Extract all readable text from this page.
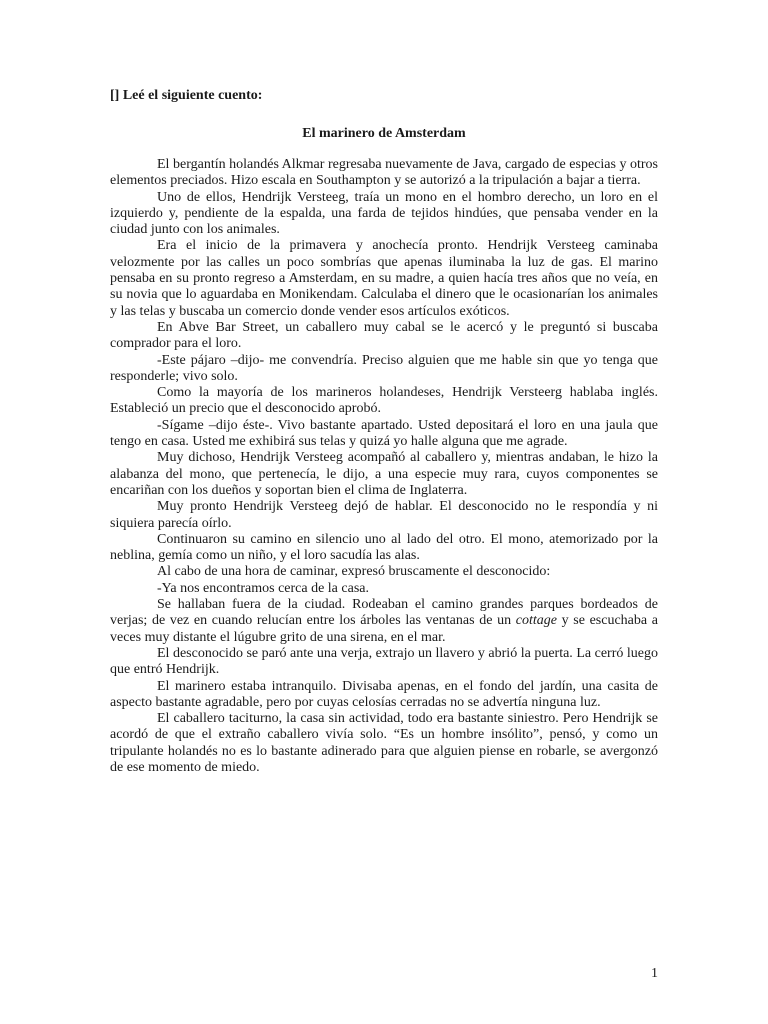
[] Leé el siguiente cuento:

El marinero de Amsterdam

El bergantín holandés Alkmar regresaba nuevamente de Java, cargado de especias y otros elementos preciados. Hizo escala en Southampton y se autorizó a la tripulación a bajar a tierra.

Uno de ellos, Hendrijk Versteeg, traía un mono en el hombro derecho, un loro en el izquierdo y, pendiente de la espalda, una farda de tejidos hindúes, que pensaba vender en la ciudad junto con los animales.

Era el inicio de la primavera y anochecía pronto. Hendrijk Versteeg caminaba velozmente por las calles un poco sombrías que apenas iluminaba la luz de gas. El marino pensaba en su pronto regreso a Amsterdam, en su madre, a quien hacía tres años que no veía, en su novia que lo aguardaba en Monikendam. Calculaba el dinero que le ocasionarían los animales y las telas y buscaba un comercio donde vender esos artículos exóticos.

En Abve Bar Street, un caballero muy cabal se le acercó y le preguntó si buscaba comprador para el loro.

-Este pájaro –dijo- me convendría. Preciso alguien que me hable sin que yo tenga que responderle; vivo solo.

Como la mayoría de los marineros holandeses, Hendrijk Versteerg hablaba inglés. Estableció un precio que el desconocido aprobó.

-Sígame –dijo éste-. Vivo bastante apartado. Usted depositará el loro en una jaula que tengo en casa. Usted me exhibirá sus telas y quizá yo halle alguna que me agrade.

Muy dichoso, Hendrijk Versteeg acompañó al caballero y, mientras andaban, le hizo la alabanza del mono, que pertenecía, le dijo, a una especie muy rara, cuyos componentes se encariñan con los dueños y soportan bien el clima de Inglaterra.

Muy pronto Hendrijk Versteeg dejó de hablar. El desconocido no le respondía y ni siquiera parecía oírlo.

Continuaron su camino en silencio uno al lado del otro. El mono, atemorizado por la neblina, gemía como un niño, y el loro sacudía las alas.

Al cabo de una hora de caminar, expresó bruscamente el desconocido:

-Ya nos encontramos cerca de la casa.

Se hallaban fuera de la ciudad. Rodeaban el camino grandes parques bordeados de verjas; de vez en cuando relucían entre los árboles las ventanas de un cottage y se escuchaba a veces muy distante el lúgubre grito de una sirena, en el mar.

El desconocido se paró ante una verja, extrajo un llavero y abrió la puerta. La cerró luego que entró Hendrijk.

El marinero estaba intranquilo. Divisaba apenas, en el fondo del jardín, una casita de aspecto bastante agradable, pero por cuyas celosías cerradas no se advertía ninguna luz.

El caballero taciturno, la casa sin actividad, todo era bastante siniestro. Pero Hendrijk se acordó de que el extraño caballero vivía solo. “Es un hombre insólito”, pensó, y como un tripulante holandés no es lo bastante adinerado para que alguien piense en robarle, se avergonzó de ese momento de miedo.

1
